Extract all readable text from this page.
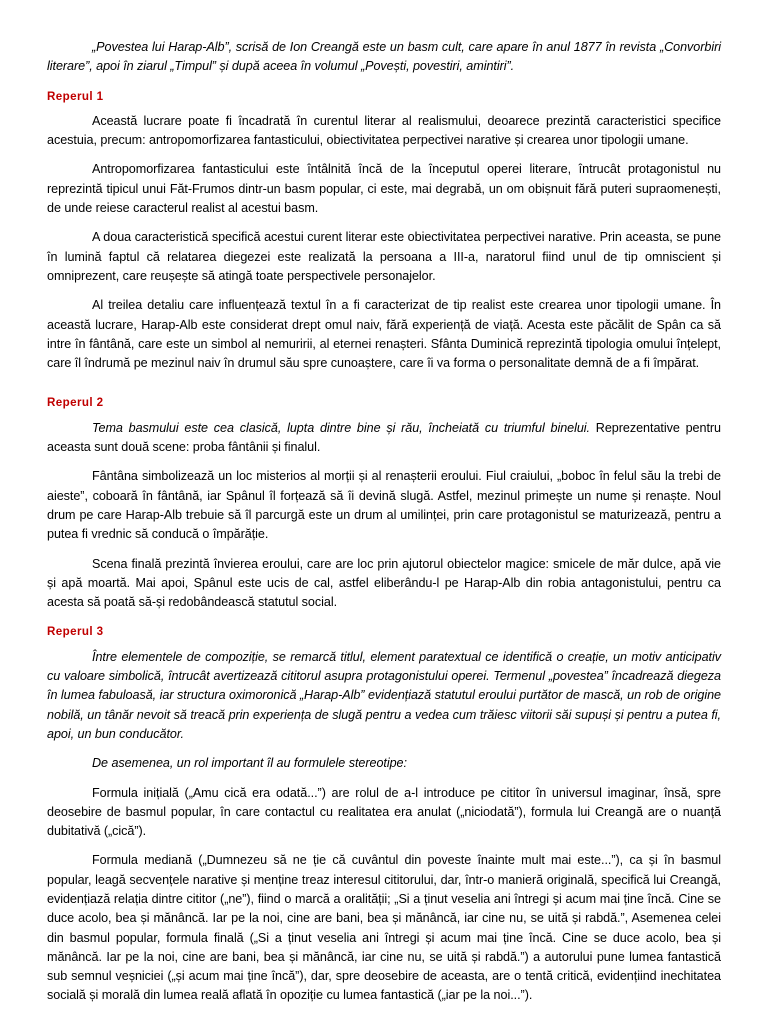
„Povestea lui Harap-Alb”, scrisă de Ion Creangă este un basm cult, care apare în anul 1877 în revista „Convorbiri literare”, apoi în ziarul „Timpul” și după aceea în volumul „Povești, povestiri, amintiri”.

Reperul 1

Această lucrare poate fi încadrată în curentul literar al realismului, deoarece prezintă caracteristici specifice acestuia, precum: antropomorfizarea fantasticului, obiectivitatea perpectivei narative și crearea unor tipologii umane.

Antropomorfizarea fantasticului este întâlnită încă de la începutul operei literare, întrucât protagonistul nu reprezintă tipicul unui Făt-Frumos dintr-un basm popular, ci este, mai degrabă, un om obișnuit fără puteri supraomenești, de unde reiese caracterul realist al acestui basm.

A doua caracteristică specifică acestui curent literar este obiectivitatea perpectivei narative. Prin aceasta, se pune în lumină faptul că relatarea diegezei este realizată la persoana a III-a, naratorul fiind unul de tip omniscient și omniprezent, care reușește să atingă toate perspectivele personajelor.

Al treilea detaliu care influențează textul în a fi caracterizat de tip realist este crearea unor tipologii umane. În această lucrare, Harap-Alb este considerat drept omul naiv, fără experiență de viață. Acesta este păcălit de Spân ca să intre în fântână, care este un simbol al nemuririi, al eternei renașteri. Sfânta Duminică reprezintă tipologia omului înțelept, care îl îndrumă pe mezinul naiv în drumul său spre cunoaștere, care îi va forma o personalitate demnă de a fi împărat.

Reperul 2

Tema basmului este cea clasică, lupta dintre bine și rău, încheiată cu triumful binelui. Reprezentative pentru aceasta sunt două scene: proba fântânii și finalul.

Fântâna simbolizează un loc misterios al morții și al renașterii eroului. Fiul craiului, „boboc în felul său la trebi de aieste”, coboară în fântână, iar Spânul îl forțează să îi devină slugă. Astfel, mezinul primește un nume și renaște. Noul drum pe care Harap-Alb trebuie să îl parcurgă este un drum al umilinței, prin care protagonistul se maturizează, pentru a putea fi vrednic să conducă o împărăție.

Scena finală prezintă învierea eroului, care are loc prin ajutorul obiectelor magice: smicele de măr dulce, apă vie și apă moartă. Mai apoi, Spânul este ucis de cal, astfel eliberându-l pe Harap-Alb din robia antagonistului, pentru ca acesta să poată să-și redobândească statutul social.

Reperul 3

Între elementele de compoziție, se remarcă titlul, element paratextual ce identifică o creație, un motiv anticipativ cu valoare simbolică, întrucât avertizează cititorul asupra protagonistului operei. Termenul „povestea” încadrează diegeza în lumea fabuloasă, iar structura oximoronică „Harap-Alb” evidențiază statutul eroului purtător de mască, un rob de origine nobilă, un tânăr nevoit să treacă prin experiența de slugă pentru a vedea cum trăiesc viitorii săi supuși și pentru a putea fi, apoi, un bun conducător.

De asemenea, un rol important îl au formulele stereotipe:

Formula inițială („Amu cică era odată...”) are rolul de a-l introduce pe cititor în universul imaginar, însă, spre deosebire de basmul popular, în care contactul cu realitatea era anulat („niciodată”), formula lui Creangă are o nuanță dubitativă („cică”).

Formula mediană („Dumnezeu să ne ție că cuvântul din poveste înainte mult mai este...”), ca și în basmul popular, leagă secvențele narative și menține treaz interesul cititorului, dar, într-o manieră originală, specifică lui Creangă, evidențiază relația dintre cititor („ne”), fiind o marcă a oralității; „Si a ținut veselia ani întregi și acum mai ține încă. Cine se duce acolo, bea și mănâncă. Iar pe la noi, cine are bani, bea și mănâncă, iar cine nu, se uită și rabdă.”, Asemenea celei din basmul popular, formula finală („Si a ținut veselia ani întregi și acum mai ține încă. Cine se duce acolo, bea și mănâncă. Iar pe la noi, cine are bani, bea și mănâncă, iar cine nu, se uită și rabdă.”) a autorului pune lumea fantastică sub semnul veșniciei („și acum mai ține încă”), dar, spre deosebire de aceasta, are o tentă critică, evidențiind inechitatea socială și morală din lumea reală aflată în opoziție cu lumea fantastică („iar pe la noi...”).
